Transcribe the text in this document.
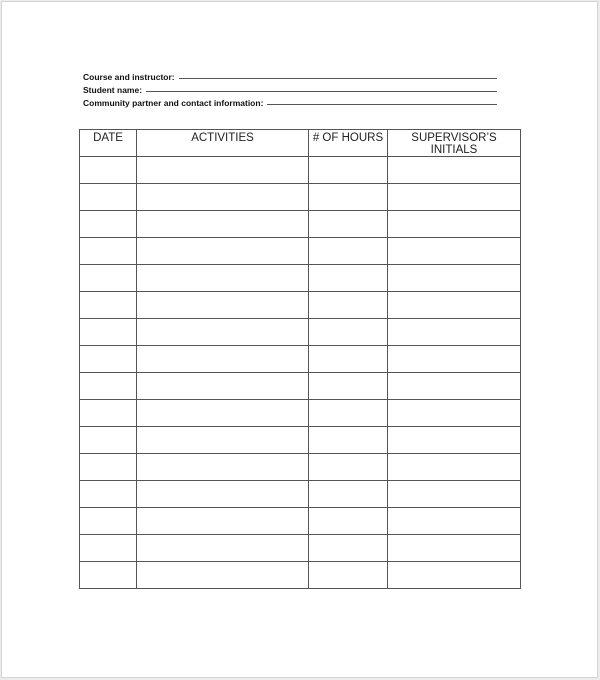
Course and instructor:
Student name:
Community partner and contact information:
DATE	ACTIVITIES	# OF HOURS	SUPERVISOR’S INITIALS
